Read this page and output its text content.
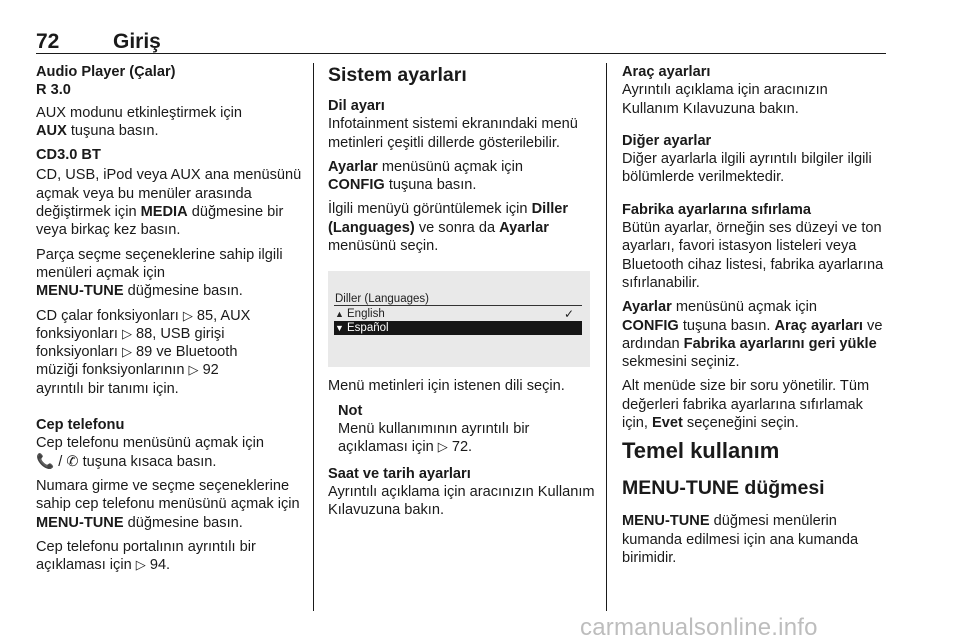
72	Giriş
Audio Player (Çalar)
R 3.0

AUX modunu etkinleştirmek için
AUX tuşuna basın.

CD3.0 BT

CD, USB, iPod veya AUX ana menüsünü açmak veya bu menüler arasında değiştirmek için MEDIA düğmesine bir veya birkaç kez basın.

Parça seçme seçeneklerine sahip ilgili menüleri açmak için
MENU-TUNE düğmesine basın.

CD çalar fonksiyonları ▷ 85, AUX
fonksiyonları ▷ 88, USB girişi
fonksiyonları ▷ 89 ve Bluetooth
müziği fonksiyonlarının ▷ 92
ayrıntılı bir tanımı için.

Cep telefonu

Cep telefonu menüsünü açmak için
📞 / ✆ tuşuna kısaca basın.

Numara girme ve seçme seçeneklerine sahip cep telefonu menüsünü açmak için MENU-TUNE düğmesine basın.

Cep telefonu portalının ayrıntılı bir
açıklaması için ▷ 94.

Sistem ayarları
Dil ayarı

Infotainment sistemi ekranındaki menü metinleri çeşitli dillerde gösterilebilir.

Ayarlar menüsünü açmak için
CONFIG tuşuna basın.

İlgili menüyü görüntülemek için Diller (Languages) ve sonra da Ayarlar
menüsünü seçin.

Diller (Languages)
▲ English	✓
▼ Español

Menü metinleri için istenen dili seçin.

Not
Menü kullanımının ayrıntılı bir
açıklaması için ▷ 72.
Saat ve tarih ayarları

Ayrıntılı açıklama için aracınızın Kullanım Kılavuzuna bakın.

Araç ayarları

Ayrıntılı açıklama için aracınızın Kullanım Kılavuzuna bakın.

Diğer ayarlar

Diğer ayarlarla ilgili ayrıntılı bilgiler ilgili bölümlerde verilmektedir.

Fabrika ayarlarına sıfırlama

Bütün ayarlar, örneğin ses düzeyi ve ton ayarları, favori istasyon listeleri veya Bluetooth cihaz listesi, fabrika ayarlarına sıfırlanabilir.

Ayarlar menüsünü açmak için
CONFIG tuşuna basın. Araç ayarları ve ardından Fabrika ayarlarını geri yükle sekmesini seçiniz.

Alt menüde size bir soru yönetilir. Tüm değerleri fabrika ayarlarına sıfırlamak için, Evet seçeneğini seçin.

Temel kullanım
MENU-TUNE düğmesi

MENU-TUNE düğmesi menülerin kumanda edilmesi için ana kumanda birimidir.

carmanualsonline.info
